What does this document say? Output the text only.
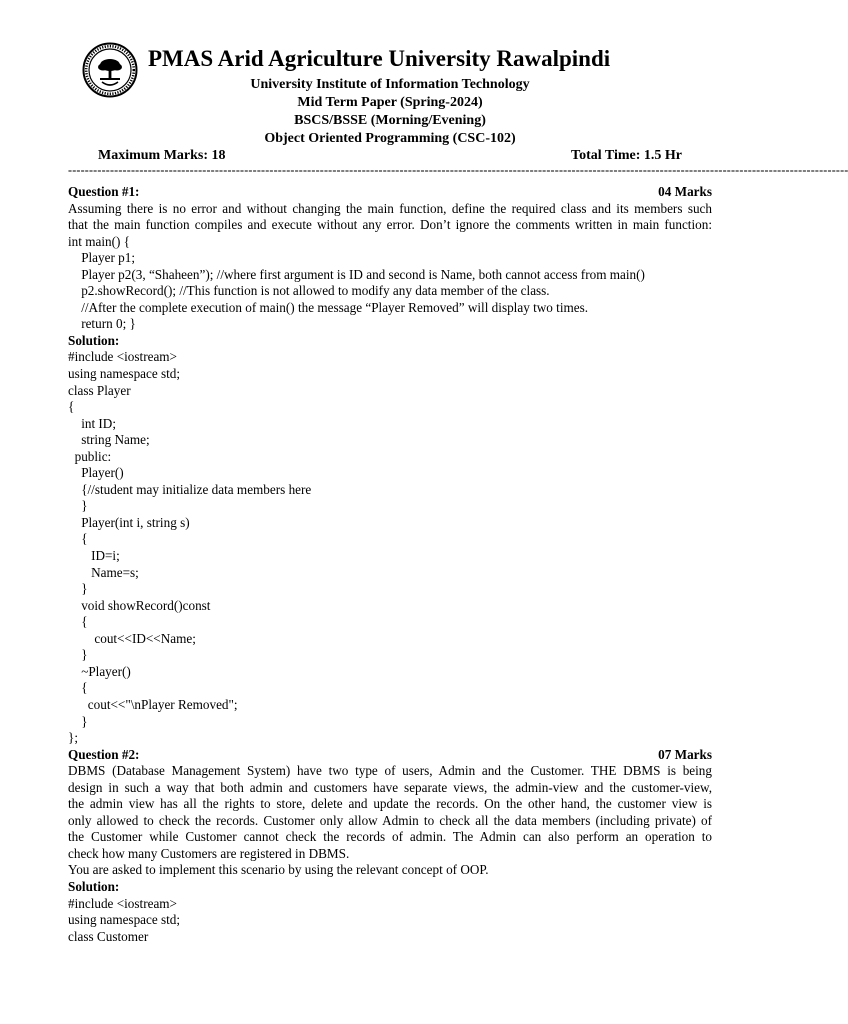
PMAS Arid Agriculture University Rawalpindi
University Institute of Information Technology
Mid Term Paper (Spring-2024)
BSCS/BSSE (Morning/Evening)
Object Oriented Programming (CSC-102)
Maximum Marks: 18	Total Time: 1.5 Hr
------------------------------------------------------------------------------------------------------------------------------------------------------------------------------------------
Question #1:	04 Marks
Assuming there is no error and without changing the main function, define the required class and its members such
that the main function compiles and execute without any error. Don’t ignore the comments written in main function:
int main() {
Player p1;
Player p2(3, “Shaheen”); //where first argument is ID and second is Name, both cannot access from main()
p2.showRecord(); //This function is not allowed to modify any data member of the class.
//After the complete execution of main() the message “Player Removed” will display two times.
return 0; }
Solution:
#include <iostream>
using namespace std;
class Player
{
int ID;
string Name;
public:
Player()
{//student may initialize data members here
}
Player(int i, string s)
{
ID=i;
Name=s;
}
void showRecord()const
{
cout<<ID<<Name;
}
~Player()
{
cout<<"\nPlayer Removed";
}
};
Question #2:	07 Marks
DBMS (Database Management System) have two type of users, Admin and the Customer. THE DBMS is being
design in such a way that both admin and customers have separate views, the admin-view and the customer-view,
the admin view has all the rights to store, delete and update the records. On the other hand, the customer view is
only allowed to check the records. Customer only allow Admin to check all the data members (including private) of
the Customer while Customer cannot check the records of admin. The Admin can also perform an operation to
check how many Customers are registered in DBMS.
You are asked to implement this scenario by using the relevant concept of OOP.
Solution:
#include <iostream>
using namespace std;
class Customer
